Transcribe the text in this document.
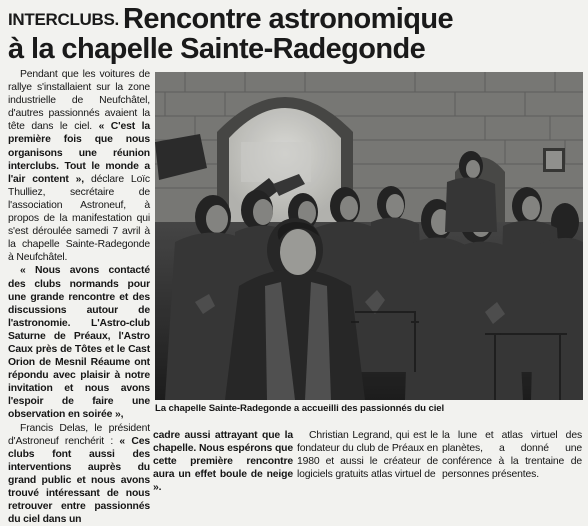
INTERCLUBS. Rencontre astronomique
à la chapelle Sainte-Radegonde

Pendant que les voitures de rallye s'installaient sur la zone industrielle de Neufchâtel, d'autres passionnés avaient la tête dans le ciel. « C'est la première fois que nous organisons une réunion interclubs. Tout le monde a l'air content », déclare Loïc Thulliez, secrétaire de l'association Astroneuf, à propos de la manifestation qui s'est déroulée samedi 7 avril à la chapelle Sainte-Radegonde à Neufchâtel.

« Nous avons contacté des clubs normands pour une grande rencontre et des discussions autour de l'astronomie. L'Astro-club Saturne de Préaux, l'Astro Caux près de Tôtes et le Cast Orion de Mesnil Réaume ont répondu avec plaisir à notre invitation et nous avons l'espoir de faire une observation en soirée »,

Francis Delas, le président d'Astroneuf renchérit : « Ces clubs font aussi des interventions auprès du grand public et nous avons trouvé intéressant de nous retrouver entre passionnés du ciel dans un

La chapelle Sainte-Radegonde a accueilli des passionnés du ciel

cadre aussi attrayant que la chapelle. Nous espérons que cette première rencontre aura un effet boule de neige ».

Christian Legrand, qui est le fondateur du club de Préaux en 1980 et aussi le créateur de logiciels gratuits atlas virtuel de

la lune et atlas virtuel des planètes, a donné une conférence à la trentaine de personnes présentes.
